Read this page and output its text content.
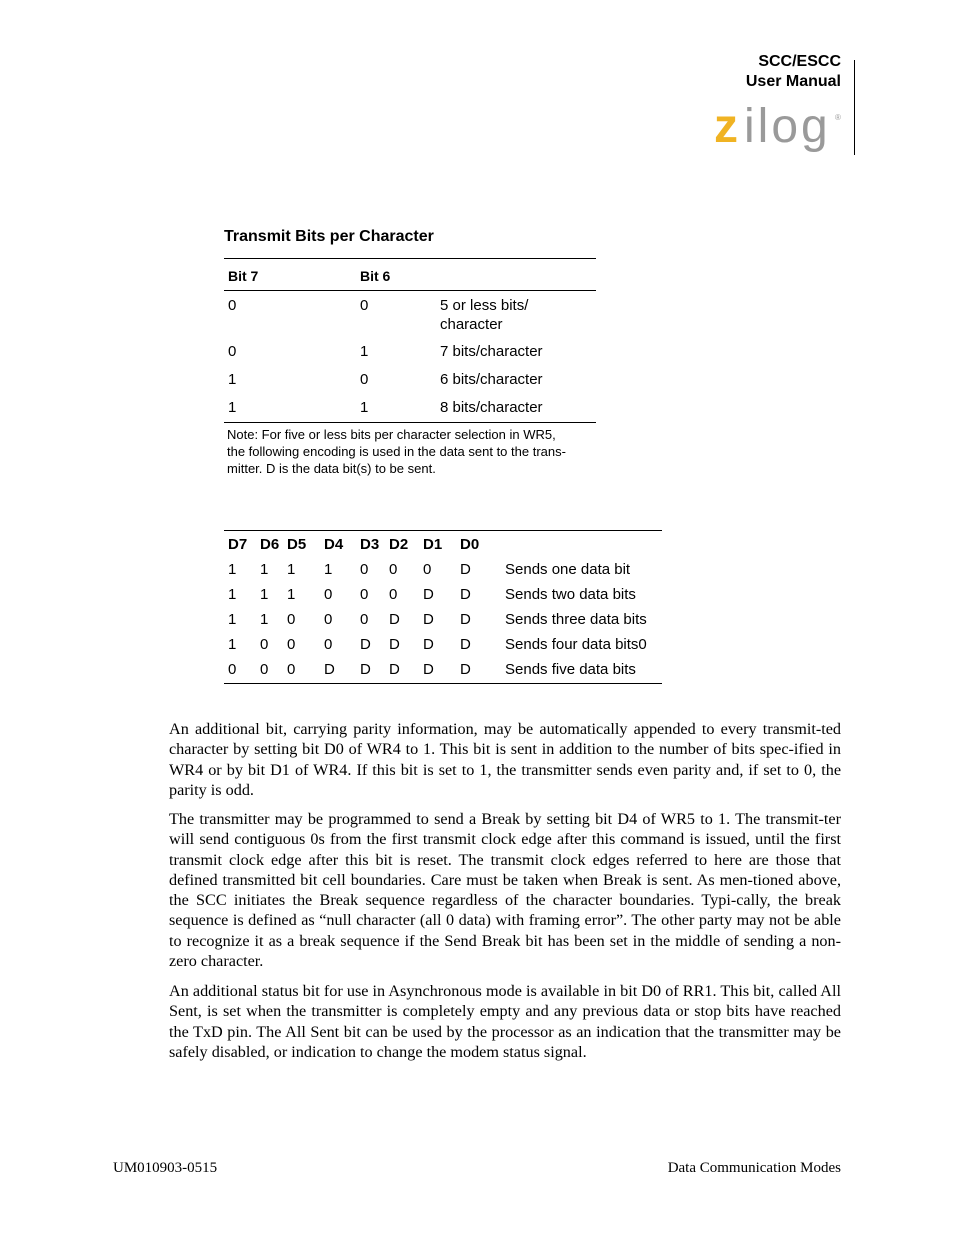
SCC/ESCC
User Manual
z ilog ®
Transmit Bits per Character
Bit 7	Bit 6
0	0	5 or less bits/
character
0	1	7 bits/character
1	0	6 bits/character
1	1	8 bits/character
Note: For five or less bits per character selection in WR5,
the following encoding is used in the data sent to the trans-
mitter. D is the data bit(s) to be sent.
D7 D6 D5 D4 D3 D2 D1 D0
1 1 1 1 0 0 0 D Sends one data bit
1 1 1 0 0 0 D D Sends two data bits
1 1 0 0 0 D D D Sends three data bits
1 0 0 0 D D D D Sends four data bits0
0 0 0 D D D D D Sends five data bits

An additional bit, carrying parity information, may be automatically appended to every transmit-ted character by setting bit D0 of WR4 to 1. This bit is sent in addition to the number of bits spec-ified in WR4 or by bit D1 of WR4. If this bit is set to 1, the transmitter sends even parity and, if set to 0, the parity is odd.

The transmitter may be programmed to send a Break by setting bit D4 of WR5 to 1. The transmit-ter will send contiguous 0s from the first transmit clock edge after this command is issued, until the first transmit clock edge after this bit is reset. The transmit clock edges referred to here are those that defined transmitted bit cell boundaries. Care must be taken when Break is sent. As men-tioned above, the SCC initiates the Break sequence regardless of the character boundaries. Typi-cally, the break sequence is defined as “null character (all 0 data) with framing error”. The other party may not be able to recognize it as a break sequence if the Send Break bit has been set in the middle of sending a non-zero character.

An additional status bit for use in Asynchronous mode is available in bit D0 of RR1. This bit, called All Sent, is set when the transmitter is completely empty and any previous data or stop bits have reached the TxD pin. The All Sent bit can be used by the processor as an indication that the transmitter may be safely disabled, or indication to change the modem status signal.

UM010903-0515	Data Communication Modes
